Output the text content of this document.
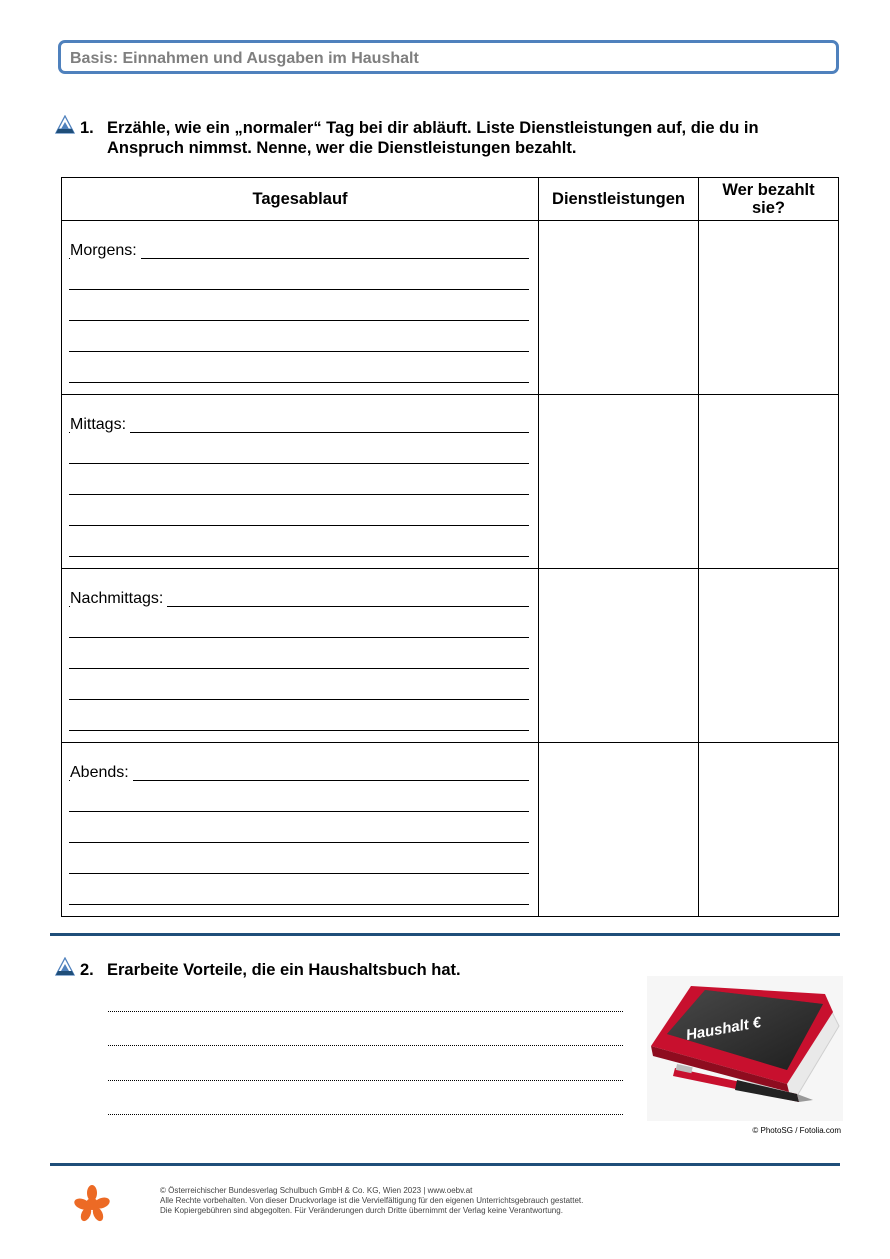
Basis: Einnahmen und Ausgaben im Haushalt
1. Erzähle, wie ein „normaler“ Tag bei dir abläuft. Liste Dienstleistungen auf, die du in
Anspruch nimmst. Nenne, wer die Dienstleistungen bezahlt.
Tagesablauf	Dienstleistungen	Wer bezahlt sie?

Morgens:		

Mittags:		

Nachmittags:		

Abends:		

2. Erarbeite Vorteile, die ein Haushaltsbuch hat.
Haushalt €
© PhotoSG / Fotolia.com
© Österreichischer Bundesverlag Schulbuch GmbH & Co. KG, Wien 2023 | www.oebv.at
Alle Rechte vorbehalten. Von dieser Druckvorlage ist die Vervielfältigung für den eigenen Unterrichtsgebrauch gestattet.
Die Kopiergebühren sind abgegolten. Für Veränderungen durch Dritte übernimmt der Verlag keine Verantwortung.
